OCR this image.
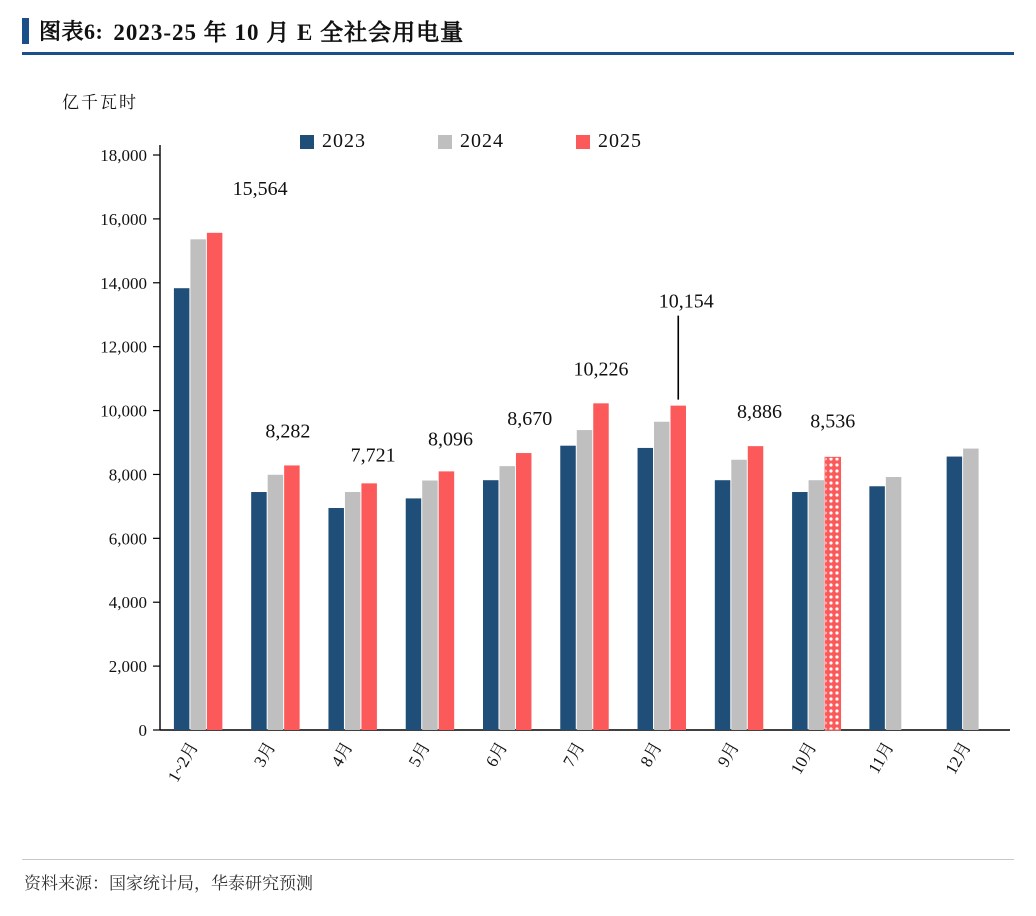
图表6: 2023-25 年 10 月 E 全社会用电量
亿千瓦时
2023	2024	2025
0
2,000
4,000
6,000
8,000
10,000
12,000
14,000
16,000
18,000
1~2月	3月	4月	5月	6月	7月	8月	9月	10月	11月	12月
15,564
8,282
7,721
8,096
8,670
10,226
10,154
8,886 8,536
资料来源：国家统计局，华泰研究预测
